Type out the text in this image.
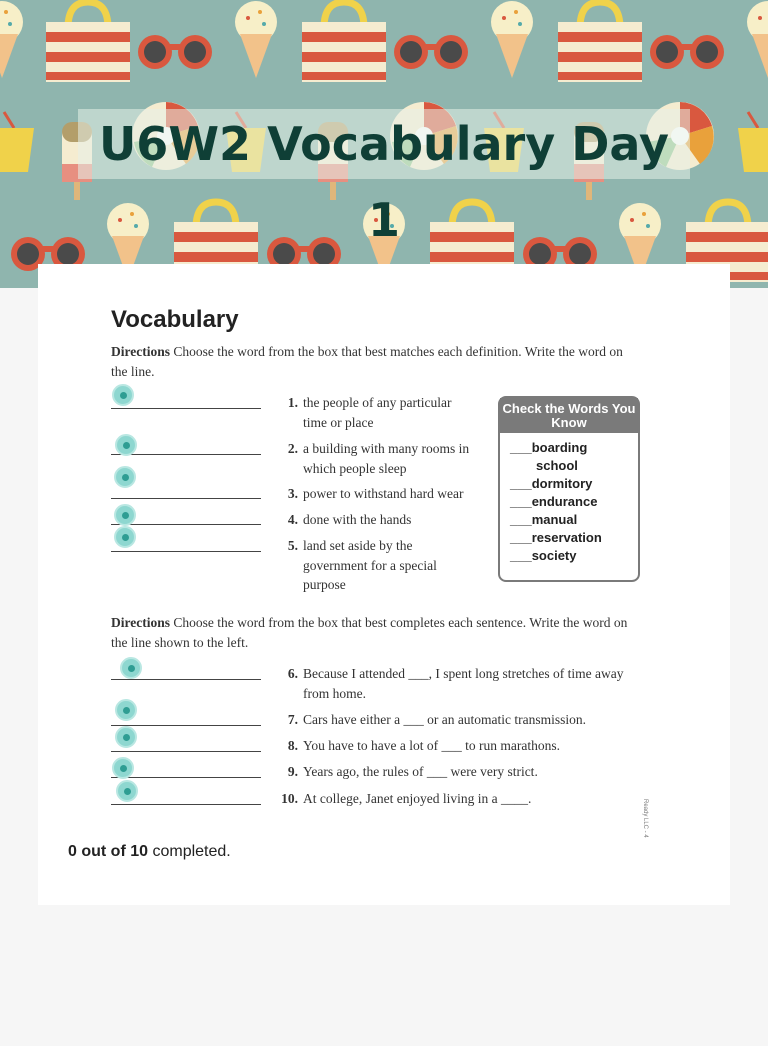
U6W2 Vocabulary Day 1
Vocabulary
Directions Choose the word from the box that best matches each definition. Write the word on the line.
1. the people of any particular time or place
2. a building with many rooms in which people sleep
3. power to withstand hard wear
4. done with the hands
5. land set aside by the government for a special purpose
Check the Words You Know
___boarding
school
___dormitory
___endurance
___manual
___reservation
___society
Directions Choose the word from the box that best completes each sentence. Write the word on the line shown to the left.
6. Because I attended ___, I spent long stretches of time away from home.
7. Cars have either a ___ or an automatic transmission.
8. You have to have a lot of ___ to run marathons.
9. Years ago, the rules of ___ were very strict.
10. At college, Janet enjoyed living in a ____.
Ready LLC - 4
0 out of 10 completed.
